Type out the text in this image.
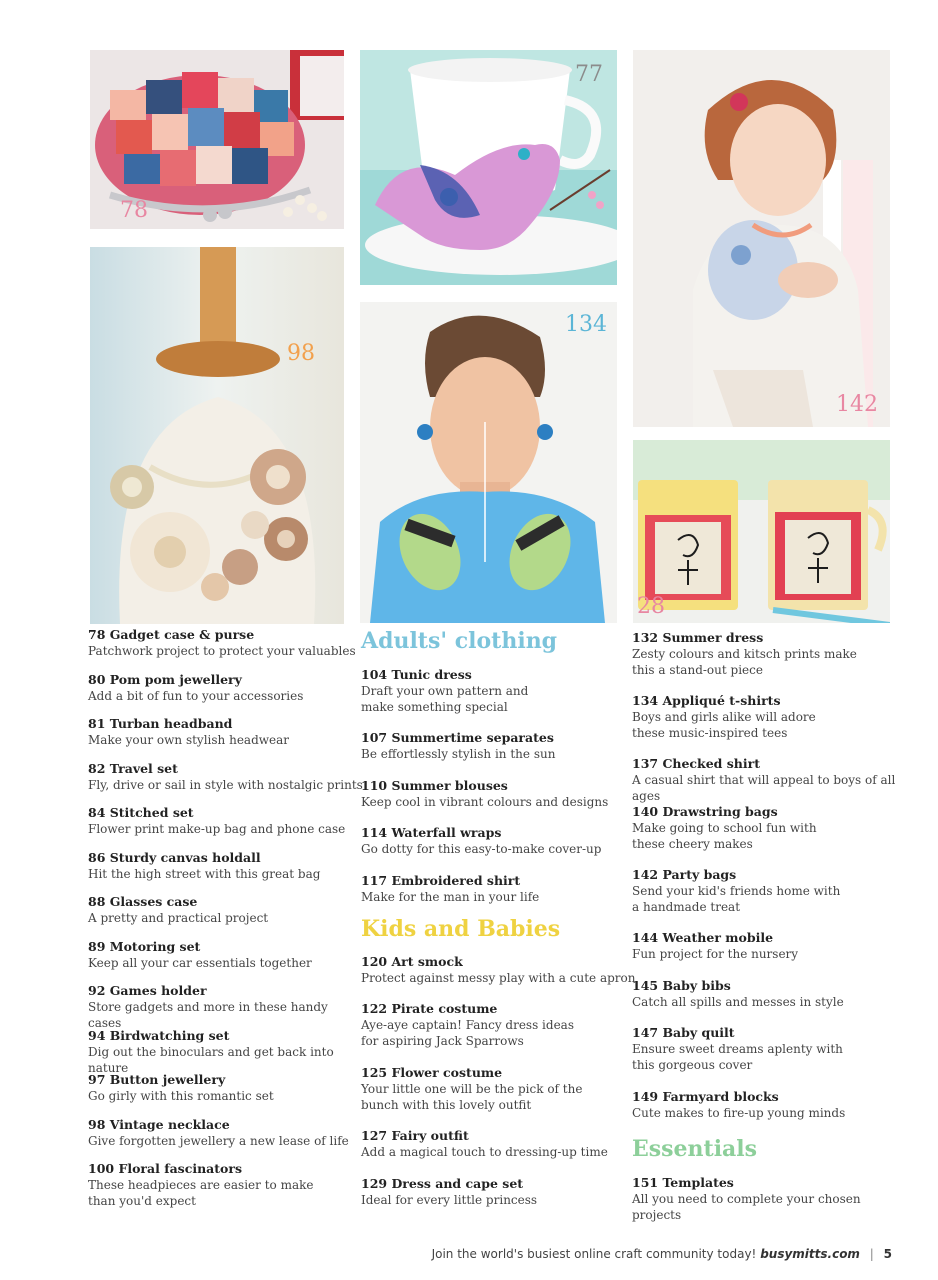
78
98
77
134
142
28
78 Gadget case & purse
Patchwork project to protect your valuables
80 Pom pom jewellery
Add a bit of fun to your accessories
81 Turban headband
Make your own stylish headwear
82 Travel set
Fly, drive or sail in style with nostalgic prints
84 Stitched set
Flower print make-up bag and phone case
86 Sturdy canvas holdall
Hit the high street with this great bag
88 Glasses case
A pretty and practical project
89 Motoring set
Keep all your car essentials together
92 Games holder
Store gadgets and more in these handy cases
94 Birdwatching set
Dig out the binoculars and get back into nature
97 Button jewellery
Go girly with this romantic set
98 Vintage necklace
Give forgotten jewellery a new lease of life
100 Floral fascinators
These headpieces are easier to make than you'd expect
Adults' clothing
104 Tunic dress
Draft your own pattern and make something special
107 Summertime separates
Be effortlessly stylish in the sun
110 Summer blouses
Keep cool in vibrant colours and designs
114 Waterfall wraps
Go dotty for this easy-to-make cover-up
117 Embroidered shirt
Make for the man in your life
Kids and Babies
120 Art smock
Protect against messy play with a cute apron
122 Pirate costume
Aye-aye captain! Fancy dress ideas for aspiring Jack Sparrows
125 Flower costume
Your little one will be the pick of the bunch with this lovely outfit
127 Fairy outfit
Add a magical touch to dressing-up time
129 Dress and cape set
Ideal for every little princess
132 Summer dress
Zesty colours and kitsch prints make this a stand-out piece
134 Appliqué t-shirts
Boys and girls alike will adore these music-inspired tees
137 Checked shirt
A casual shirt that will appeal to boys of all ages
140 Drawstring bags
Make going to school fun with these cheery makes
142 Party bags
Send your kid's friends home with a handmade treat
144 Weather mobile
Fun project for the nursery
145 Baby bibs
Catch all spills and messes in style
147 Baby quilt
Ensure sweet dreams aplenty with this gorgeous cover
149 Farmyard blocks
Cute makes to fire-up young minds
Essentials
151 Templates
All you need to complete your chosen projects
Join the world's busiest online craft community today! busymitts.com | 5
